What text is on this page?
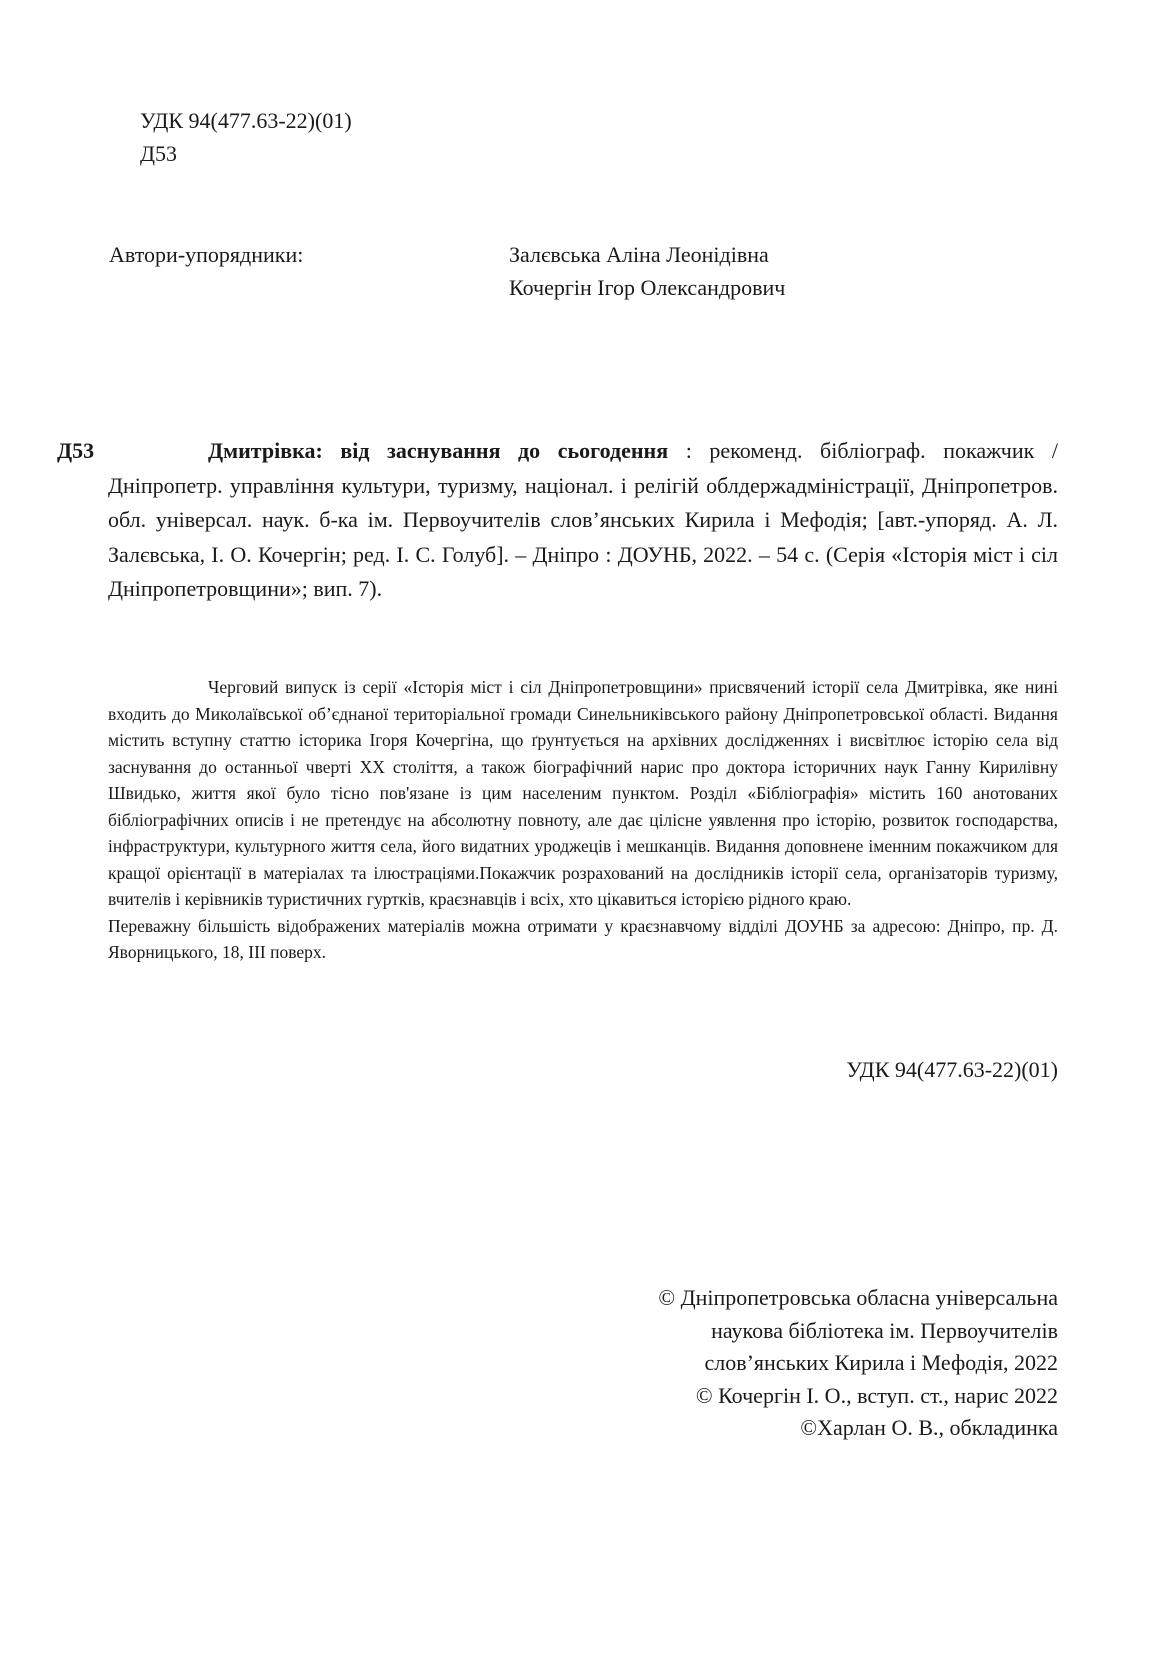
УДК 94(477.63-22)(01)
Д53
Автори-упорядники:	Залєвська Аліна Леонідівна
Кочергін Ігор Олександрович
Д53	Дмитрівка: від заснування до сьогодення : рекоменд. бібліограф. покажчик / Дніпропетр. управління культури, туризму, націонал. і релігій облдержадміністрації, Дніпропетров. обл. універсал. наук. б-ка ім. Первоучителів слов’янських Кирила і Мефодія; [авт.-упоряд. А. Л. Залєвська, І. О. Кочергін; ред. І. С. Голуб]. – Дніпро : ДОУНБ, 2022. – 54 с. (Серія «Історія міст і сіл Дніпропетровщини»; вип. 7).

Черговий випуск із серії «Історія міст і сіл Дніпропетровщини» присвячений історії села Дмитрівка, яке нині входить до Миколаївської об’єднаної територіальної громади Синельниківського району Дніпропетровської області. Видання містить вступну статтю історика Ігоря Кочергіна, що ґрунтується на архівних дослідженнях і висвітлює історію села від заснування до останньої чверті ХХ століття, а також біографічний нарис про доктора історичних наук Ганну Кирилівну Швидько, життя якої було тісно пов'язане із цим населеним пунктом. Розділ «Бібліографія» містить 160 анотованих бібліографічних описів і не претендує на абсолютну повноту, але дає цілісне уявлення про історію, розвиток господарства, інфраструктури, культурного життя села, його видатних уроджеців і мешканців. Видання доповнене іменним покажчиком для кращої орієнтації в матеріалах та ілюстраціями.Покажчик розрахований на дослідників історії села, організаторів туризму, вчителів і керівників туристичних гуртків, краєзнавців і всіх, хто цікавиться історією рідного краю.

Переважну більшість відображених матеріалів можна отримати у краєзнавчому відділі ДОУНБ за адресою: Дніпро, пр. Д. Яворницького, 18, ІІІ поверх.

УДК 94(477.63-22)(01)
© Дніпропетровська обласна універсальна
наукова бібліотека ім. Первоучителів
слов’янських Кирила і Мефодія, 2022
© Кочергін І. О., вступ. ст., нарис 2022
©Харлан О. В., обкладинка
